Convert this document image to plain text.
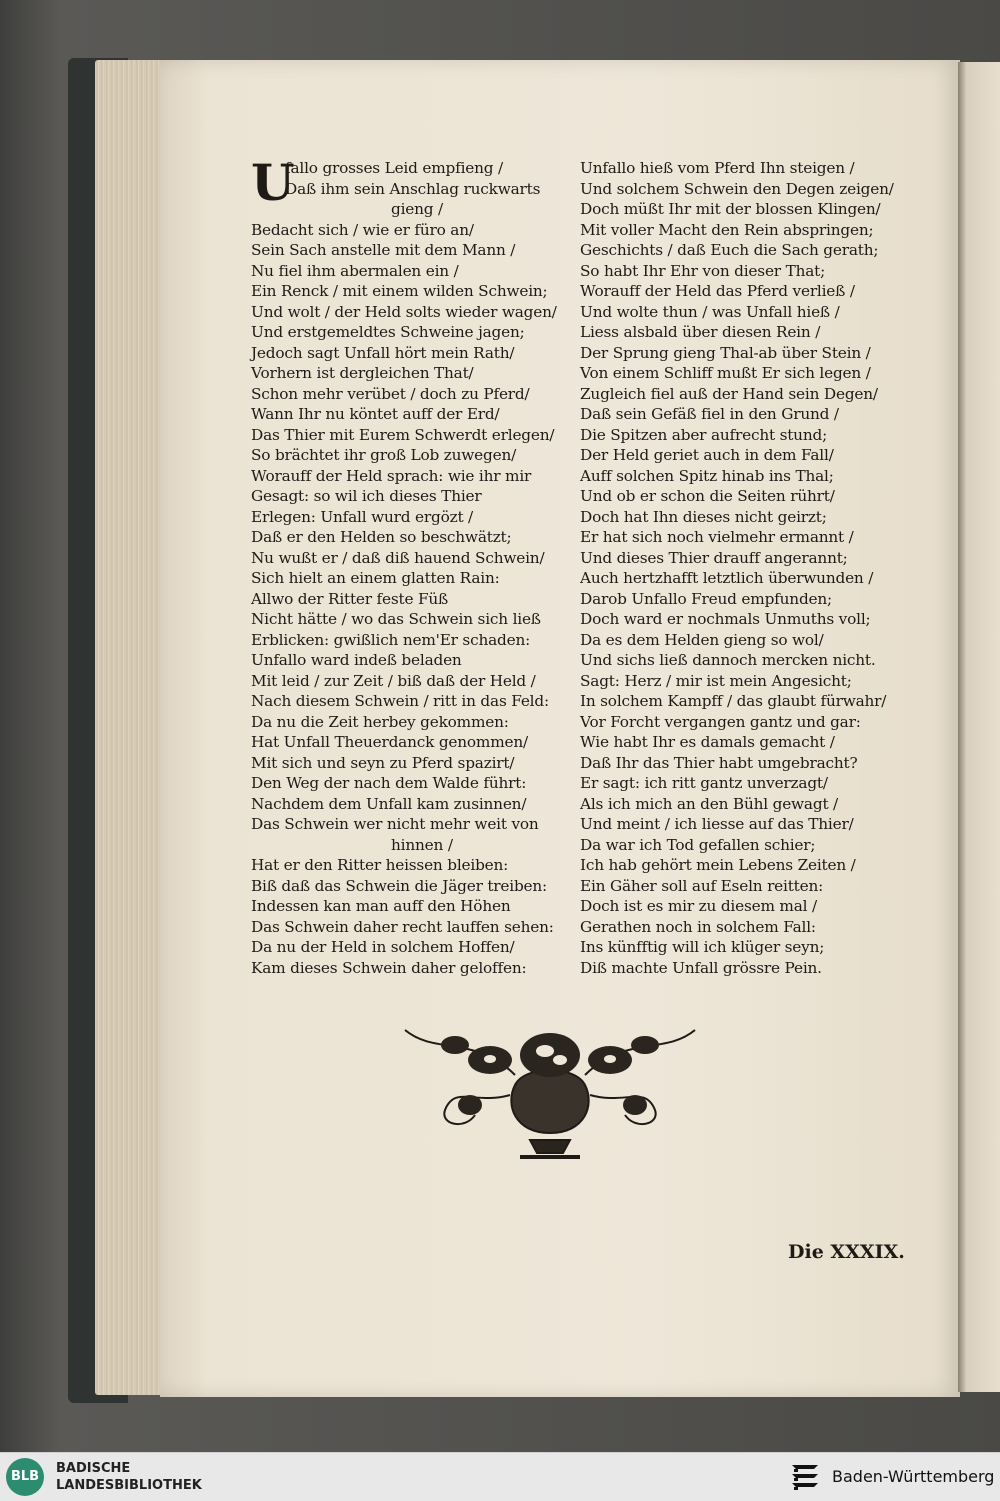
U
fallo grosses Leid empfieng /
Daß ihm sein Anschlag ruckwarts
gieng /
Bedacht sich / wie er füro an/
Sein Sach anstelle mit dem Mann /
Nu fiel ihm abermalen ein /
Ein Renck / mit einem wilden Schwein;
Und wolt / der Held solts wieder wagen/
Und erstgemeldtes Schweine jagen;
Jedoch sagt Unfall hört mein Rath/
Vorhern ist dergleichen That/
Schon mehr verübet / doch zu Pferd/
Wann Ihr nu köntet auff der Erd/
Das Thier mit Eurem Schwerdt erlegen/
So brächtet ihr groß Lob zuwegen/
Worauff der Held sprach: wie ihr mir
Gesagt: so wil ich dieses Thier
Erlegen: Unfall wurd ergözt /
Daß er den Helden so beschwätzt;
Nu wußt er / daß diß hauend Schwein/
Sich hielt an einem glatten Rain:
Allwo der Ritter feste Füß
Nicht hätte / wo das Schwein sich ließ
Erblicken: gwißlich nem'Er schaden:
Unfallo ward indeß beladen
Mit leid / zur Zeit / biß daß der Held /
Nach diesem Schwein / ritt in das Feld:
Da nu die Zeit herbey gekommen:
Hat Unfall Theuerdanck genommen/
Mit sich und seyn zu Pferd spazirt/
Den Weg der nach dem Walde führt:
Nachdem dem Unfall kam zusinnen/
Das Schwein wer nicht mehr weit von
hinnen /
Hat er den Ritter heissen bleiben:
Biß daß das Schwein die Jäger treiben:
Indessen kan man auff den Höhen
Das Schwein daher recht lauffen sehen:
Da nu der Held in solchem Hoffen/
Kam dieses Schwein daher geloffen:
Unfallo hieß vom Pferd Ihn steigen /
Und solchem Schwein den Degen zeigen/
Doch müßt Ihr mit der blossen Klingen/
Mit voller Macht den Rein abspringen;
Geschichts / daß Euch die Sach gerath;
So habt Ihr Ehr von dieser That;
Worauff der Held das Pferd verließ /
Und wolte thun / was Unfall hieß /
Liess alsbald über diesen Rein /
Der Sprung gieng Thal-ab über Stein /
Von einem Schliff mußt Er sich legen /
Zugleich fiel auß der Hand sein Degen/
Daß sein Gefäß fiel in den Grund /
Die Spitzen aber aufrecht stund;
Der Held geriet auch in dem Fall/
Auff solchen Spitz hinab ins Thal;
Und ob er schon die Seiten rührt/
Doch hat Ihn dieses nicht geirzt;
Er hat sich noch vielmehr ermannt /
Und dieses Thier drauff angerannt;
Auch hertzhafft letztlich überwunden /
Darob Unfallo Freud empfunden;
Doch ward er nochmals Unmuths voll;
Da es dem Helden gieng so wol/
Und sichs ließ dannoch mercken nicht.
Sagt: Herz / mir ist mein Angesicht;
In solchem Kampff / das glaubt fürwahr/
Vor Forcht vergangen gantz und gar:
Wie habt Ihr es damals gemacht /
Daß Ihr das Thier habt umgebracht?
Er sagt: ich ritt gantz unverzagt/
Als ich mich an den Bühl gewagt /
Und meint / ich liesse auf das Thier/
Da war ich Tod gefallen schier;
Ich hab gehört mein Lebens Zeiten /
Ein Gäher soll auf Eseln reitten:
Doch ist es mir zu diesem mal /
Gerathen noch in solchem Fall:
Ins künfftig will ich klüger seyn;
Diß machte Unfall grössre Pein.
Die XXXIX.
BLB
BADISCHE
LANDESBIBLIOTHEK	Baden-Württemberg
